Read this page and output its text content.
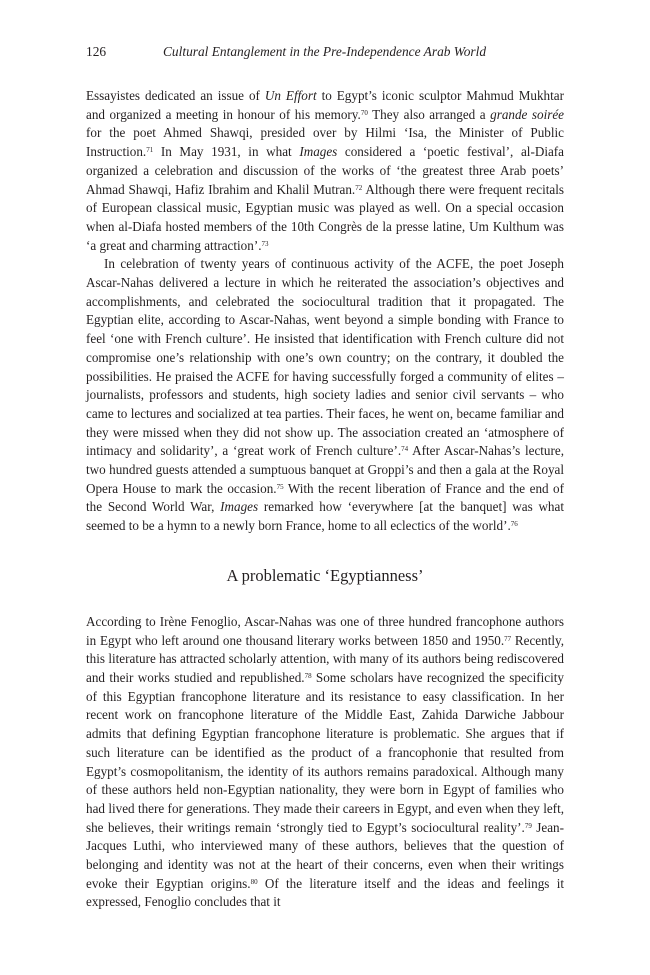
126	Cultural Entanglement in the Pre-Independence Arab World

Essayistes dedicated an issue of Un Effort to Egypt’s iconic sculptor Mahmud Mukhtar and organized a meeting in honour of his memory.$^{70}$ They also arranged a grande soirée for the poet Ahmed Shawqi, presided over by Hilmi ‘Isa, the Minister of Public Instruction.$^{71}$ In May 1931, in what Images considered a ‘poetic festival’, al-Diafa organized a celebration and discussion of the works of ‘the greatest three Arab poets’ Ahmad Shawqi, Hafiz Ibrahim and Khalil Mutran.$^{72}$ Although there were frequent recitals of European classical music, Egyptian music was played as well. On a special occasion when al-Diafa hosted members of the 10th Congrès de la presse latine, Um Kulthum was ‘a great and charming attraction’.$^{73}$

In celebration of twenty years of continuous activity of the ACFE, the poet Joseph Ascar-Nahas delivered a lecture in which he reiterated the association’s objectives and accomplishments, and celebrated the sociocultural tradition that it propagated. The Egyptian elite, according to Ascar-Nahas, went beyond a simple bonding with France to feel ‘one with French culture’. He insisted that identification with French culture did not compromise one’s relationship with one’s own country; on the contrary, it doubled the possibilities. He praised the ACFE for having successfully forged a community of elites – journalists, professors and students, high society ladies and senior civil servants – who came to lectures and socialized at tea parties. Their faces, he went on, became familiar and they were missed when they did not show up. The association created an ‘atmosphere of intimacy and solidarity’, a ‘great work of French culture’.$^{74}$ After Ascar-Nahas’s lecture, two hundred guests attended a sumptuous banquet at Groppi’s and then a gala at the Royal Opera House to mark the occasion.$^{75}$ With the recent liberation of France and the end of the Second World War, Images remarked how ‘everywhere [at the banquet] was what seemed to be a hymn to a newly born France, home to all eclectics of the world’.$^{76}$

A problematic ‘Egyptianness’

According to Irène Fenoglio, Ascar-Nahas was one of three hundred francophone authors in Egypt who left around one thousand literary works between 1850 and 1950.77 Recently, this literature has attracted scholarly attention, with many of its authors being rediscovered and their works studied and republished.$^{78}$ Some scholars have recognized the specificity of this Egyptian francophone literature and its resistance to easy classification. In her recent work on francophone literature of the Middle East, Zahida Darwiche Jabbour admits that defining Egyptian francophone literature is problematic. She argues that if such literature can be identified as the product of a francophonie that resulted from Egypt’s cosmopolitanism, the identity of its authors remains paradoxical. Although many of these authors held non-Egyptian nationality, they were born in Egypt of families who had lived there for generations. They made their careers in Egypt, and even when they left, she believes, their writings remain ‘strongly tied to Egypt’s sociocultural reality’.$^{79}$ Jean-Jacques Luthi, who interviewed many of these authors, believes that the question of belonging and identity was not at the heart of their concerns, even when their writings evoke their Egyptian origins.$^{80}$ Of the literature itself and the ideas and feelings it expressed, Fenoglio concludes that it
